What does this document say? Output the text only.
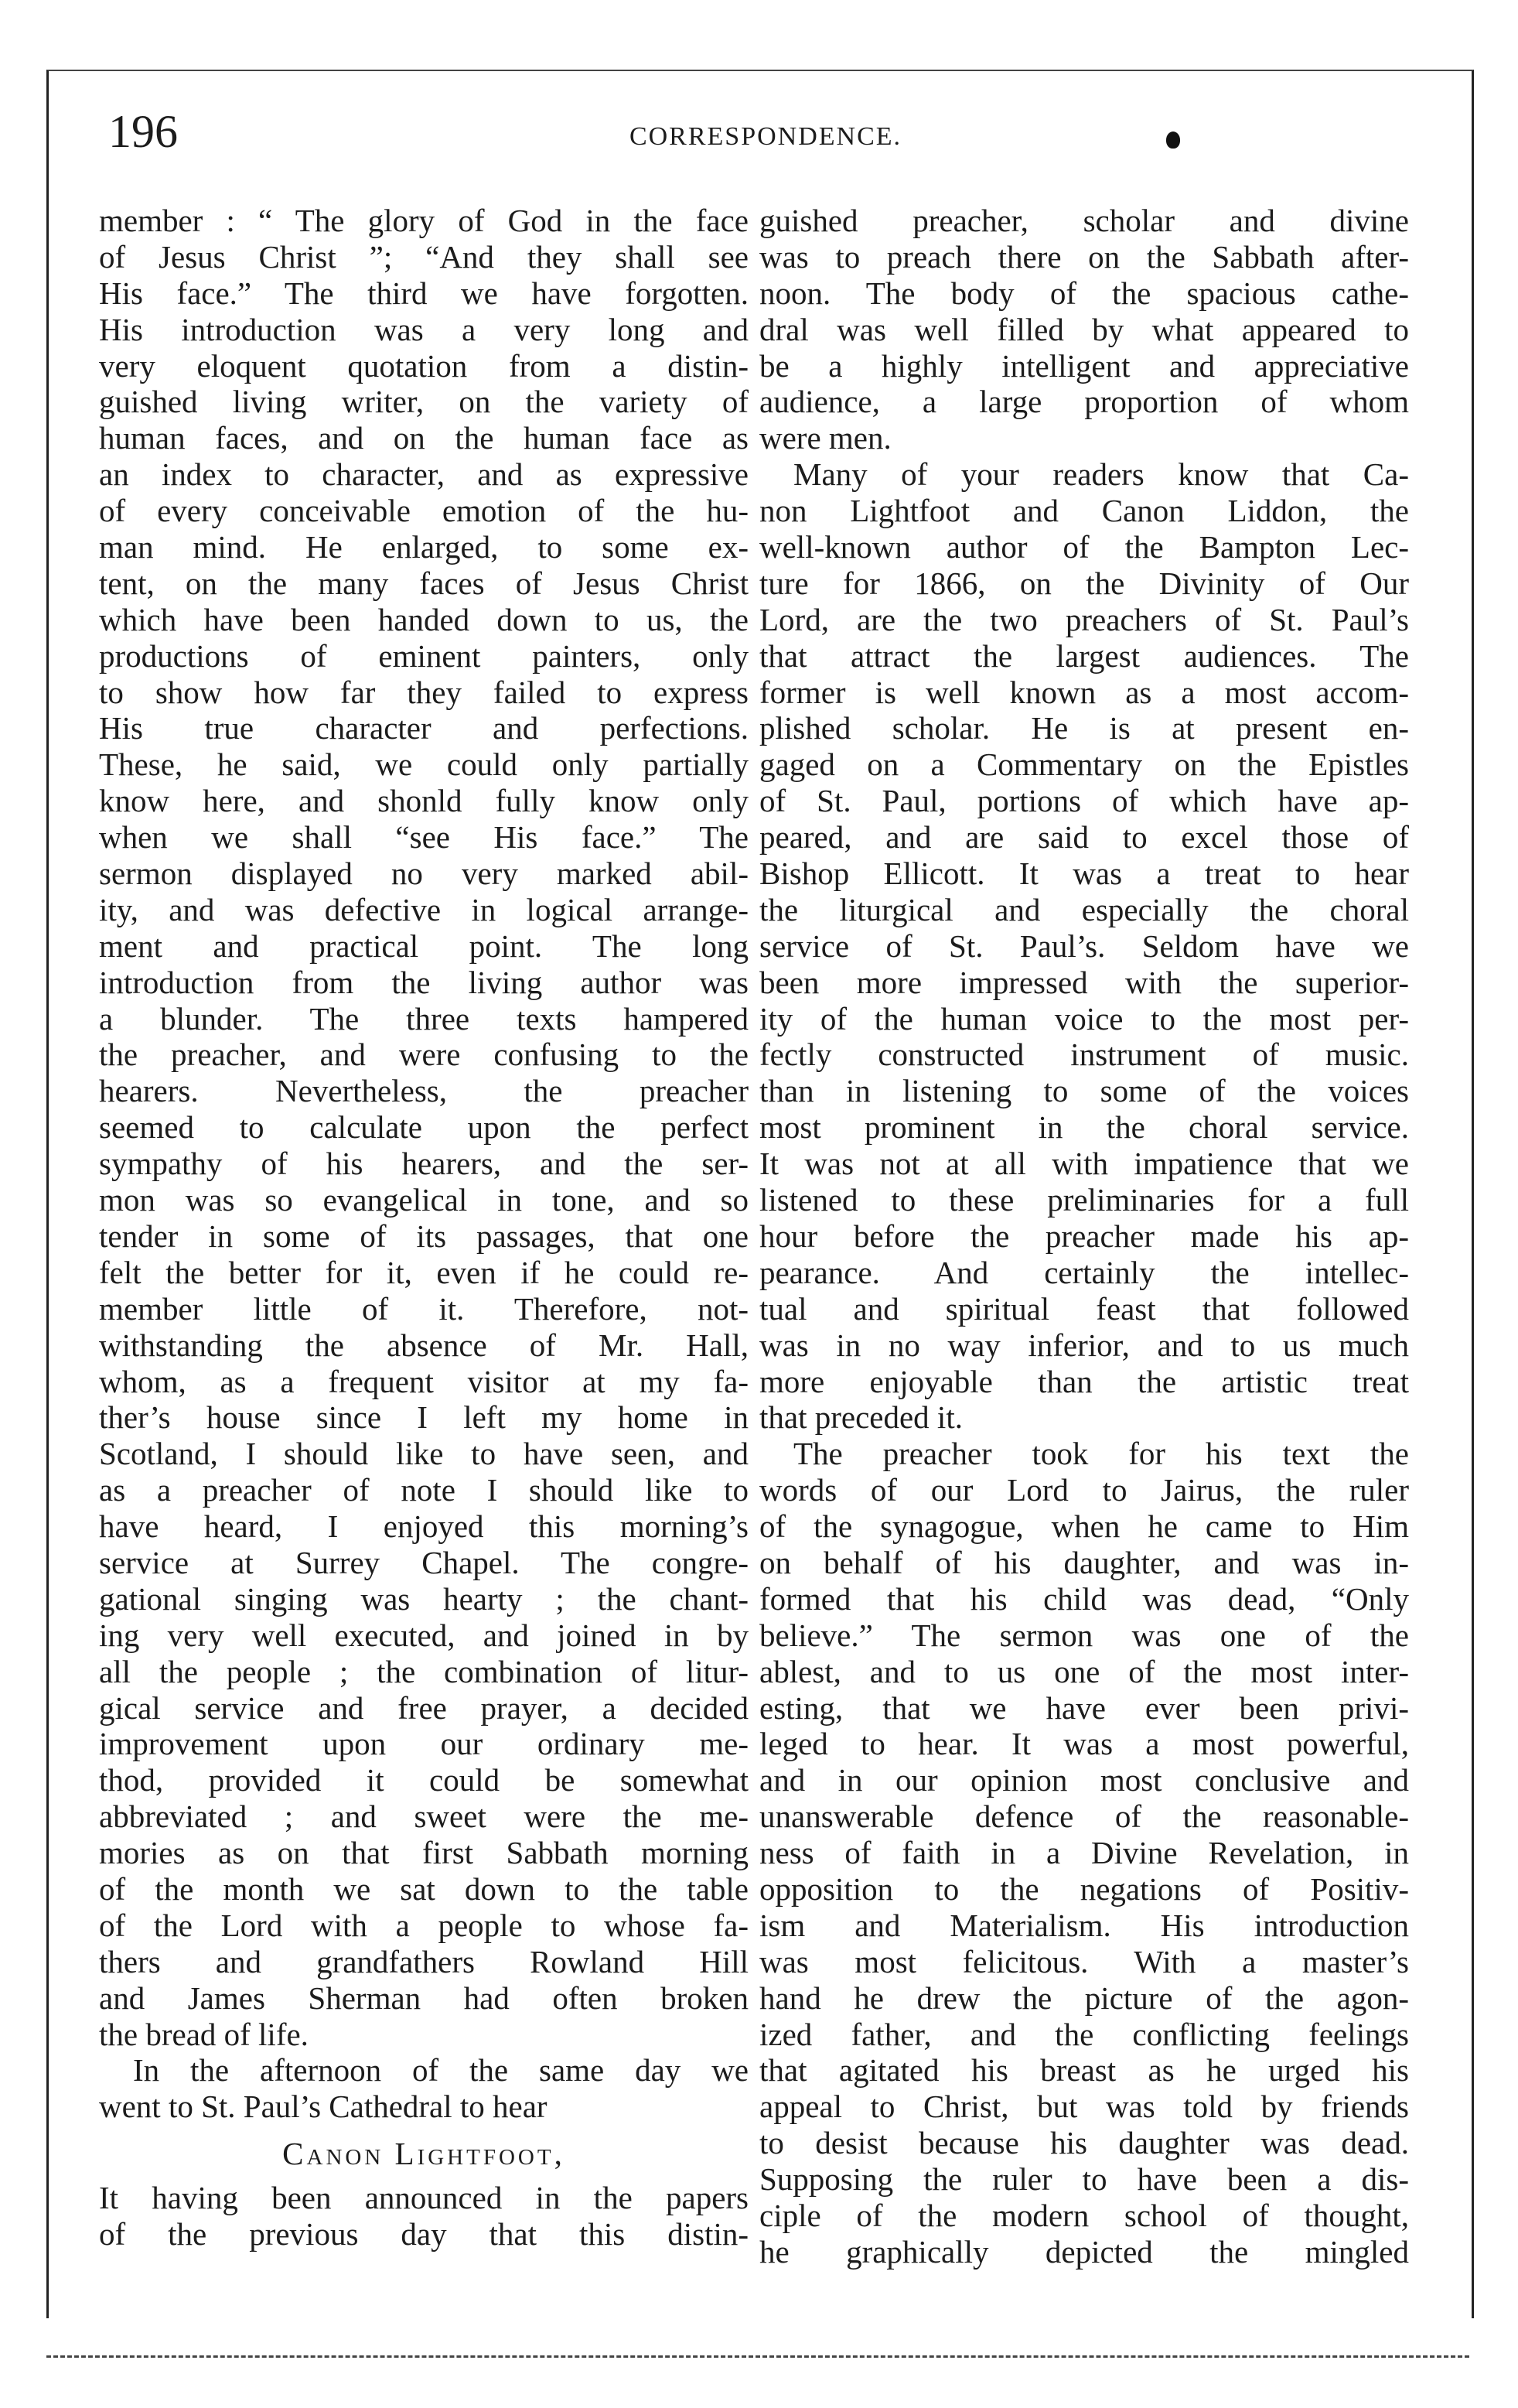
196	CORRESPONDENCE.
member : “ The glory of God in the face
of Jesus Christ ”; “And they shall see
His face.” The third we have forgotten.
His introduction was a very long and
very eloquent quotation from a distin-
guished living writer, on the variety of
human faces, and on the human face as
an index to character, and as expressive
of every conceivable emotion of the hu-
man mind. He enlarged, to some ex-
tent, on the many faces of Jesus Christ
which have been handed down to us, the
productions of eminent painters, only
to show how far they failed to express
His true character and perfections.
These, he said, we could only partially
know here, and shonld fully know only
when we shall “see His face.” The
sermon displayed no very marked abil-
ity, and was defective in logical arrange-
ment and practical point. The long
introduction from the living author was
a blunder. The three texts hampered
the preacher, and were confusing to the
hearers. Nevertheless, the preacher
seemed to calculate upon the perfect
sympathy of his hearers, and the ser-
mon was so evangelical in tone, and so
tender in some of its passages, that one
felt the better for it, even if he could re-
member little of it. Therefore, not-
withstanding the absence of Mr. Hall,
whom, as a frequent visitor at my fa-
ther’s house since I left my home in
Scotland, I should like to have seen, and
as a preacher of note I should like to
have heard, I enjoyed this morning’s
service at Surrey Chapel. The congre-
gational singing was hearty ; the chant-
ing very well executed, and joined in by
all the people ; the combination of litur-
gical service and free prayer, a decided
improvement upon our ordinary me-
thod, provided it could be somewhat
abbreviated ; and sweet were the me-
mories as on that first Sabbath morning
of the month we sat down to the table
of the Lord with a people to whose fa-
thers and grandfathers Rowland Hill
and James Sherman had often broken
the bread of life.
In the afternoon of the same day we
went to St. Paul’s Cathedral to hear
Canon Lightfoot,
It having been announced in the papers
of the previous day that this distin-
guished preacher, scholar and divine
was to preach there on the Sabbath after-
noon. The body of the spacious cathe-
dral was well filled by what appeared to
be a highly intelligent and appreciative
audience, a large proportion of whom
were men.
Many of your readers know that Ca-
non Lightfoot and Canon Liddon, the
well-known author of the Bampton Lec-
ture for 1866, on the Divinity of Our
Lord, are the two preachers of St. Paul’s
that attract the largest audiences. The
former is well known as a most accom-
plished scholar. He is at present en-
gaged on a Commentary on the Epistles
of St. Paul, portions of which have ap-
peared, and are said to excel those of
Bishop Ellicott. It was a treat to hear
the liturgical and especially the choral
service of St. Paul’s. Seldom have we
been more impressed with the superior-
ity of the human voice to the most per-
fectly constructed instrument of music.
than in listening to some of the voices
most prominent in the choral service.
It was not at all with impatience that we
listened to these preliminaries for a full
hour before the preacher made his ap-
pearance. And certainly the intellec-
tual and spiritual feast that followed
was in no way inferior, and to us much
more enjoyable than the artistic treat
that preceded it.
The preacher took for his text the
words of our Lord to Jairus, the ruler
of the synagogue, when he came to Him
on behalf of his daughter, and was in-
formed that his child was dead, “Only
believe.” The sermon was one of the
ablest, and to us one of the most inter-
esting, that we have ever been privi-
leged to hear. It was a most powerful,
and in our opinion most conclusive and
unanswerable defence of the reasonable-
ness of faith in a Divine Revelation, in
opposition to the negations of Positiv-
ism and Materialism. His introduction
was most felicitous. With a master’s
hand he drew the picture of the agon-
ized father, and the conflicting feelings
that agitated his breast as he urged his
appeal to Christ, but was told by friends
to desist because his daughter was dead.
Supposing the ruler to have been a dis-
ciple of the modern school of thought,
he graphically depicted the mingled
